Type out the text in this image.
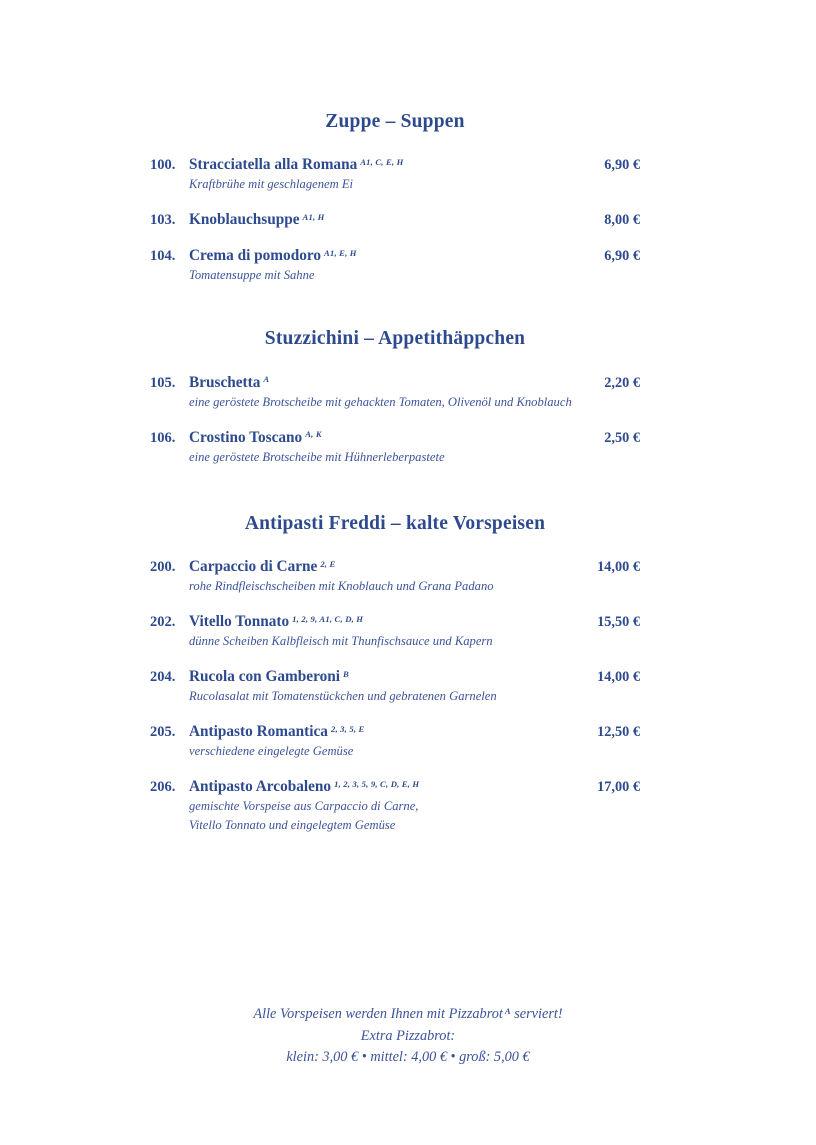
Zuppe – Suppen
100. Stracciatella alla Romana $^{A1, C, E, H}$	6,90 €
Kraftbrühe mit geschlagenem Ei
103. Knoblauchsuppe $^{A1, H}$	8,00 €
104. Crema di pomodoro $^{A1, E, H}$	6,90 €
Tomatensuppe mit Sahne
Stuzzichini – Appetithäppchen
105. Bruschetta $^A$	2,20 €
eine geröstete Brotscheibe mit gehackten Tomaten, Olivenöl und Knoblauch
106. Crostino Toscano $^{A, K}$	2,50 €
eine geröstete Brotscheibe mit Hühnerleberpastete
Antipasti Freddi – kalte Vorspeisen
200. Carpaccio di Carne $^{2, E}$	14,00 €
rohe Rindfleischscheiben mit Knoblauch und Grana Padano
202. Vitello Tonnato $^{1, 2, 9, A1, C, D, H}$	15,50 €
dünne Scheiben Kalbfleisch mit Thunfischsauce und Kapern
204. Rucola con Gamberoni $^B$	14,00 €
Rucolasalat mit Tomatenstückchen und gebratenen Garnelen
205. Antipasto Romantica $^{2, 3, 5, E}$	12,50 €
verschiedene eingelegte Gemüse
206. Antipasto Arcobaleno $^{1, 2, 3, 5, 9, C, D, E, H}$	17,00 €
gemischte Vorspeise aus Carpaccio di Carne,
Vitello Tonnato und eingelegtem Gemüse
Alle Vorspeisen werden Ihnen mit Pizzabrot $^A$ serviert!
Extra Pizzabrot:
klein: 3,00 € • mittel: 4,00 € • groß: 5,00 €
